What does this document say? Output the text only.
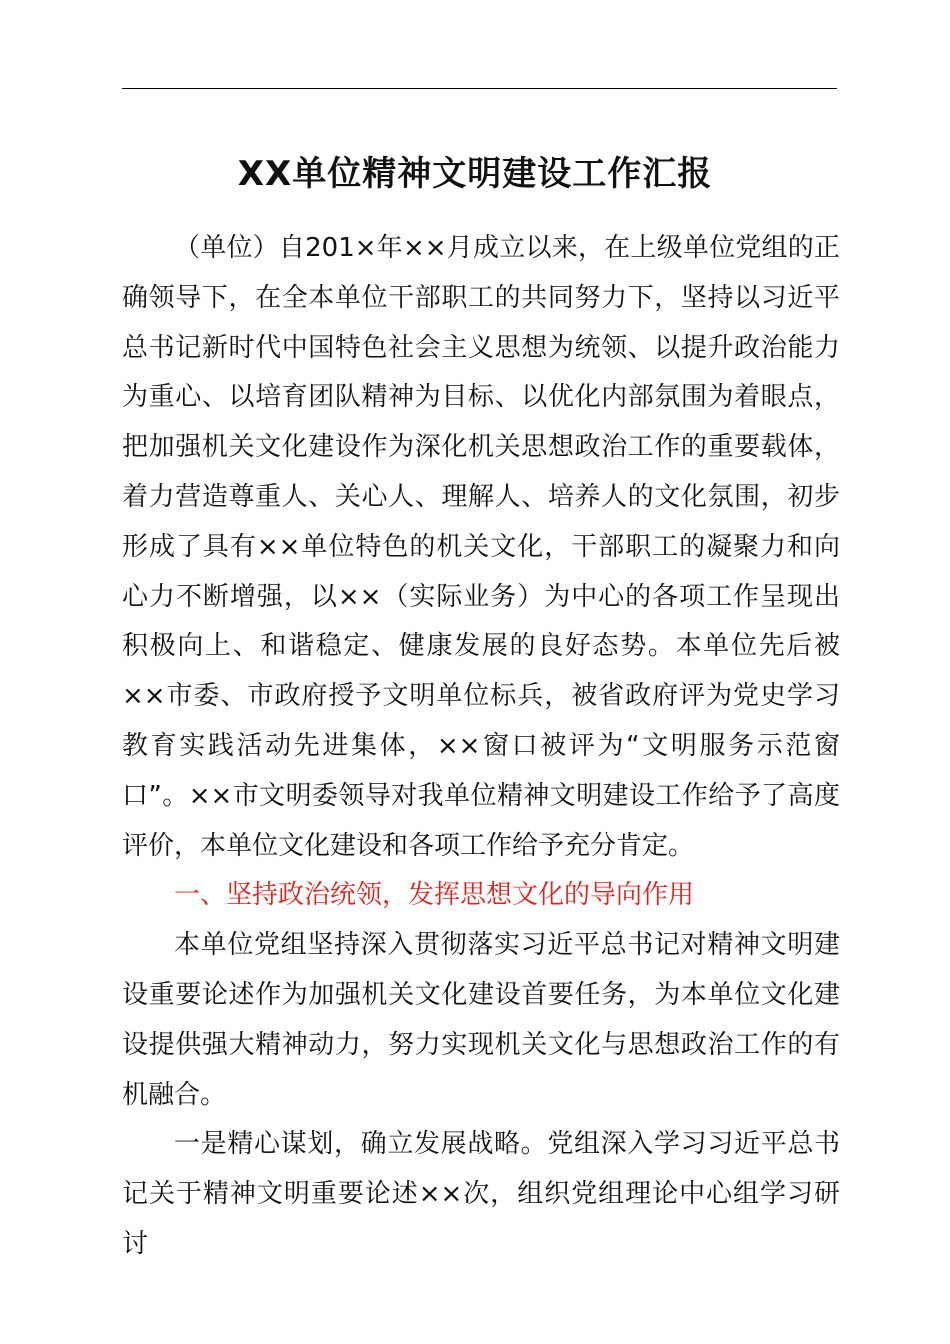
XX单位精神文明建设工作汇报

（单位）自201×年××月成立以来，在上级单位党组的正确领导下，在全本单位干部职工的共同努力下，坚持以习近平总书记新时代中国特色社会主义思想为统领、以提升政治能力为重心、以培育团队精神为目标、以优化内部氛围为着眼点，把加强机关文化建设作为深化机关思想政治工作的重要载体，着力营造尊重人、关心人、理解人、培养人的文化氛围，初步形成了具有××单位特色的机关文化，干部职工的凝聚力和向心力不断增强，以××（实际业务）为中心的各项工作呈现出积极向上、和谐稳定、健康发展的良好态势。本单位先后被××市委、市政府授予文明单位标兵，被省政府评为党史学习教育实践活动先进集体，××窗口被评为“文明服务示范窗口”。××市文明委领导对我单位精神文明建设工作给予了高度评价，本单位文化建设和各项工作给予充分肯定。

一、坚持政治统领，发挥思想文化的导向作用

本单位党组坚持深入贯彻落实习近平总书记对精神文明建设重要论述作为加强机关文化建设首要任务，为本单位文化建设提供强大精神动力，努力实现机关文化与思想政治工作的有机融合。

一是精心谋划，确立发展战略。党组深入学习习近平总书记关于精神文明重要论述××次，组织党组理论中心组学习研讨
